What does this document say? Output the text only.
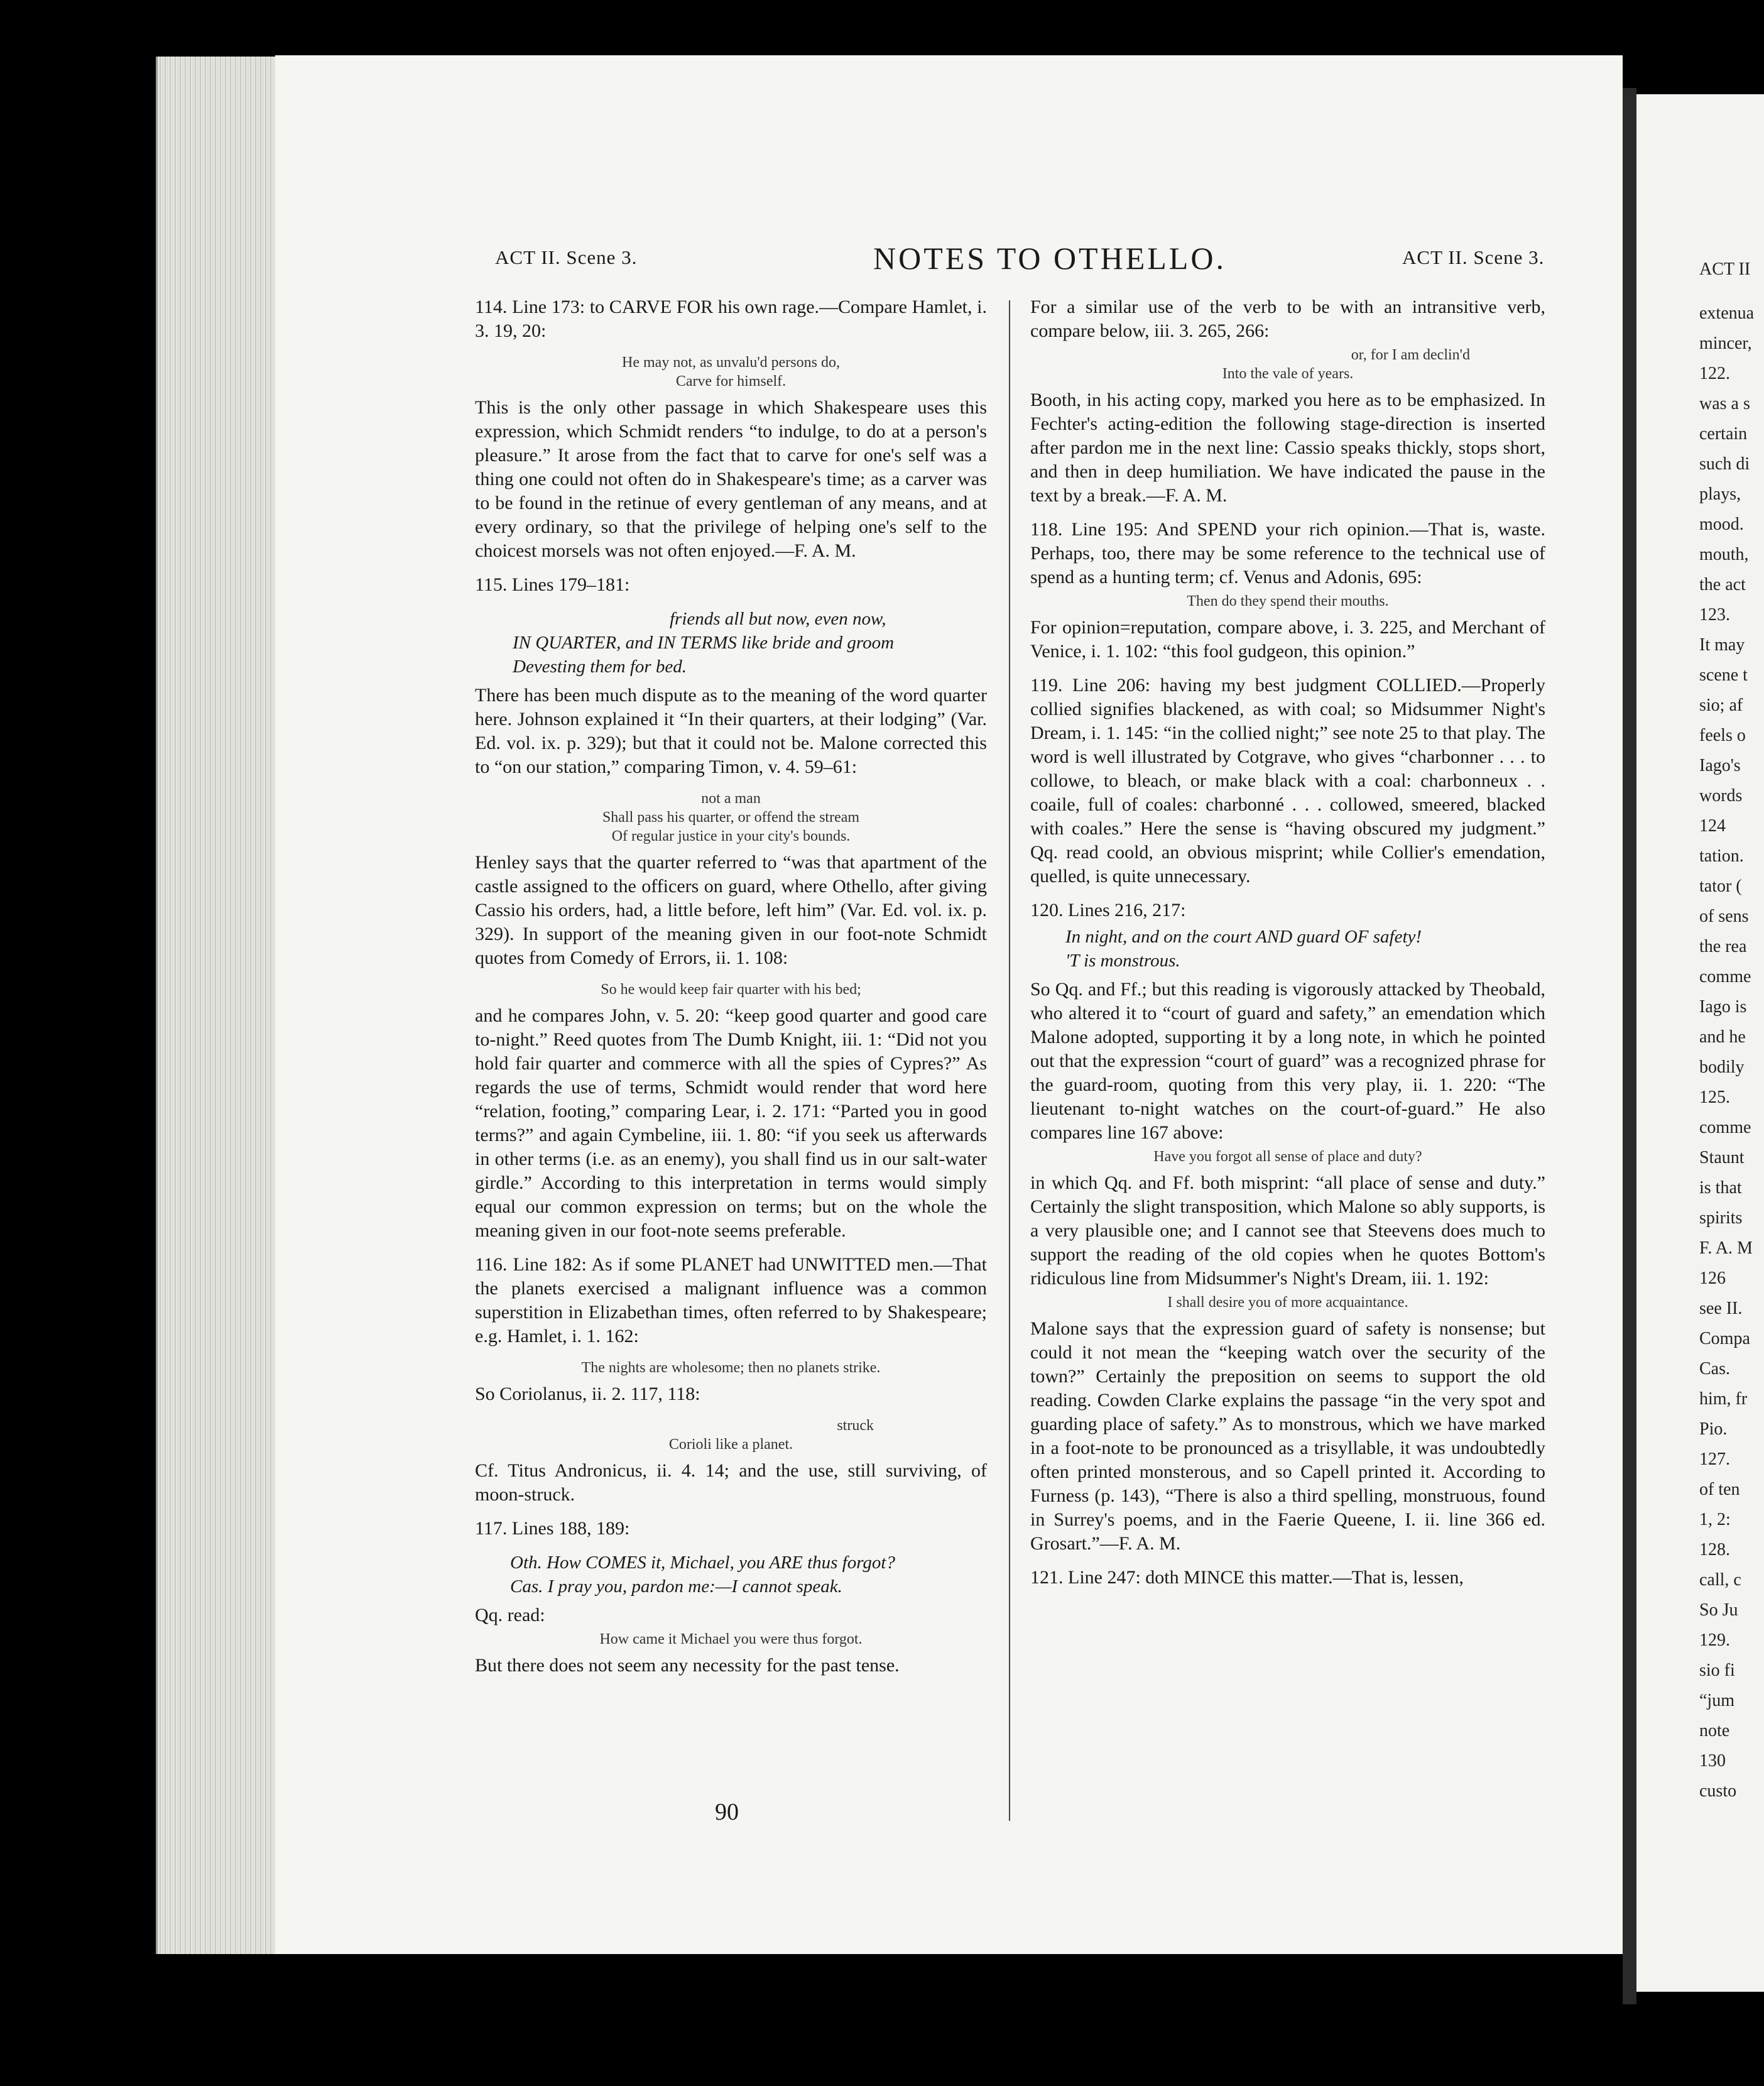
ACT II. Scene 3.	NOTES TO OTHELLO.	ACT II. Scene 3.

114. Line 173: to CARVE FOR his own rage.—Compare Hamlet, i. 3. 19, 20:

He may not, as unvalu'd persons do,
Carve for himself.

This is the only other passage in which Shakespeare uses this expression, which Schmidt renders “to indulge, to do at a person's pleasure.” It arose from the fact that to carve for one's self was a thing one could not often do in Shakespeare's time; as a carver was to be found in the retinue of every gentleman of any means, and at every ordinary, so that the privilege of helping one's self to the choicest morsels was not often enjoyed.—F. A. M.

115. Lines 179–181:

friends all but now, even now,
IN QUARTER, and IN TERMS like bride and groom
Devesting them for bed.

There has been much dispute as to the meaning of the word quarter here. Johnson explained it “In their quarters, at their lodging” (Var. Ed. vol. ix. p. 329); but that it could not be. Malone corrected this to “on our station,” comparing Timon, v. 4. 59–61:

not a man
Shall pass his quarter, or offend the stream
Of regular justice in your city's bounds.

Henley says that the quarter referred to “was that apartment of the castle assigned to the officers on guard, where Othello, after giving Cassio his orders, had, a little before, left him” (Var. Ed. vol. ix. p. 329). In support of the meaning given in our foot-note Schmidt quotes from Comedy of Errors, ii. 1. 108:

So he would keep fair quarter with his bed;

and he compares John, v. 5. 20: “keep good quarter and good care to-night.” Reed quotes from The Dumb Knight, iii. 1: “Did not you hold fair quarter and commerce with all the spies of Cypres?” As regards the use of terms, Schmidt would render that word here “relation, footing,” comparing Lear, i. 2. 171: “Parted you in good terms?” and again Cymbeline, iii. 1. 80: “if you seek us afterwards in other terms (i.e. as an enemy), you shall find us in our salt-water girdle.” According to this interpretation in terms would simply equal our common expression on terms; but on the whole the meaning given in our foot-note seems preferable.

116. Line 182: As if some PLANET had UNWITTED men.—That the planets exercised a malignant influence was a common superstition in Elizabethan times, often referred to by Shakespeare; e.g. Hamlet, i. 1. 162:

The nights are wholesome; then no planets strike.

So Coriolanus, ii. 2. 117, 118:

struck
Corioli like a planet.

Cf. Titus Andronicus, ii. 4. 14; and the use, still surviving, of moon-struck.

117. Lines 188, 189:

Oth. How COMES it, Michael, you ARE thus forgot?
Cas. I pray you, pardon me:—I cannot speak.

Qq. read:

How came it Michael you were thus forgot.

But there does not seem any necessity for the past tense.

For a similar use of the verb to be with an intransitive verb, compare below, iii. 3. 265, 266:

or, for I am declin'd
Into the vale of years.

Booth, in his acting copy, marked you here as to be emphasized. In Fechter's acting-edition the following stage-direction is inserted after pardon me in the next line: Cassio speaks thickly, stops short, and then in deep humiliation. We have indicated the pause in the text by a break.—F. A. M.

118. Line 195: And SPEND your rich opinion.—That is, waste. Perhaps, too, there may be some reference to the technical use of spend as a hunting term; cf. Venus and Adonis, 695:

Then do they spend their mouths.

For opinion=reputation, compare above, i. 3. 225, and Merchant of Venice, i. 1. 102: “this fool gudgeon, this opinion.”

119. Line 206: having my best judgment COLLIED.—Properly collied signifies blackened, as with coal; so Midsummer Night's Dream, i. 1. 145: “in the collied night;” see note 25 to that play. The word is well illustrated by Cotgrave, who gives “charbonner . . . to collowe, to bleach, or make black with a coal: charbonneux . . coaile, full of coales: charbonné . . . collowed, smeered, blacked with coales.” Here the sense is “having obscured my judgment.” Qq. read coold, an obvious misprint; while Collier's emendation, quelled, is quite unnecessary.

120. Lines 216, 217:

In night, and on the court AND guard OF safety!
'T is monstrous.

So Qq. and Ff.; but this reading is vigorously attacked by Theobald, who altered it to “court of guard and safety,” an emendation which Malone adopted, supporting it by a long note, in which he pointed out that the expression “court of guard” was a recognized phrase for the guard-room, quoting from this very play, ii. 1. 220: “The lieutenant to-night watches on the court-of-guard.” He also compares line 167 above:

Have you forgot all sense of place and duty?

in which Qq. and Ff. both misprint: “all place of sense and duty.” Certainly the slight transposition, which Malone so ably supports, is a very plausible one; and I cannot see that Steevens does much to support the reading of the old copies when he quotes Bottom's ridiculous line from Midsummer's Night's Dream, iii. 1. 192:

I shall desire you of more acquaintance.

Malone says that the expression guard of safety is nonsense; but could it not mean the “keeping watch over the security of the town?” Certainly the preposition on seems to support the old reading. Cowden Clarke explains the passage “in the very spot and guarding place of safety.” As to monstrous, which we have marked in a foot-note to be pronounced as a trisyllable, it was undoubtedly often printed monsterous, and so Capell printed it. According to Furness (p. 143), “There is also a third spelling, monstruous, found in Surrey's poems, and in the Faerie Queene, I. ii. line 366 ed. Grosart.”—F. A. M.

121. Line 247: doth MINCE this matter.—That is, lessen,

90
ACT II
extenua
mincer,
122.
was a s
certain
such di
plays,
mood.
mouth,
the act
123.
It may
scene t
sio; af
feels o
Iago's
words
124
tation.
tator (
of sens
the rea
comme
Iago is
and he
bodily
125.
comme
Staunt
is that
spirits
F. A. M
126
see II.
Compa
Cas.
him, fr
Pio.
127.
of ten
1, 2:
128.
call, c
So Ju
129.
sio fi
“jum
note
130
custo
